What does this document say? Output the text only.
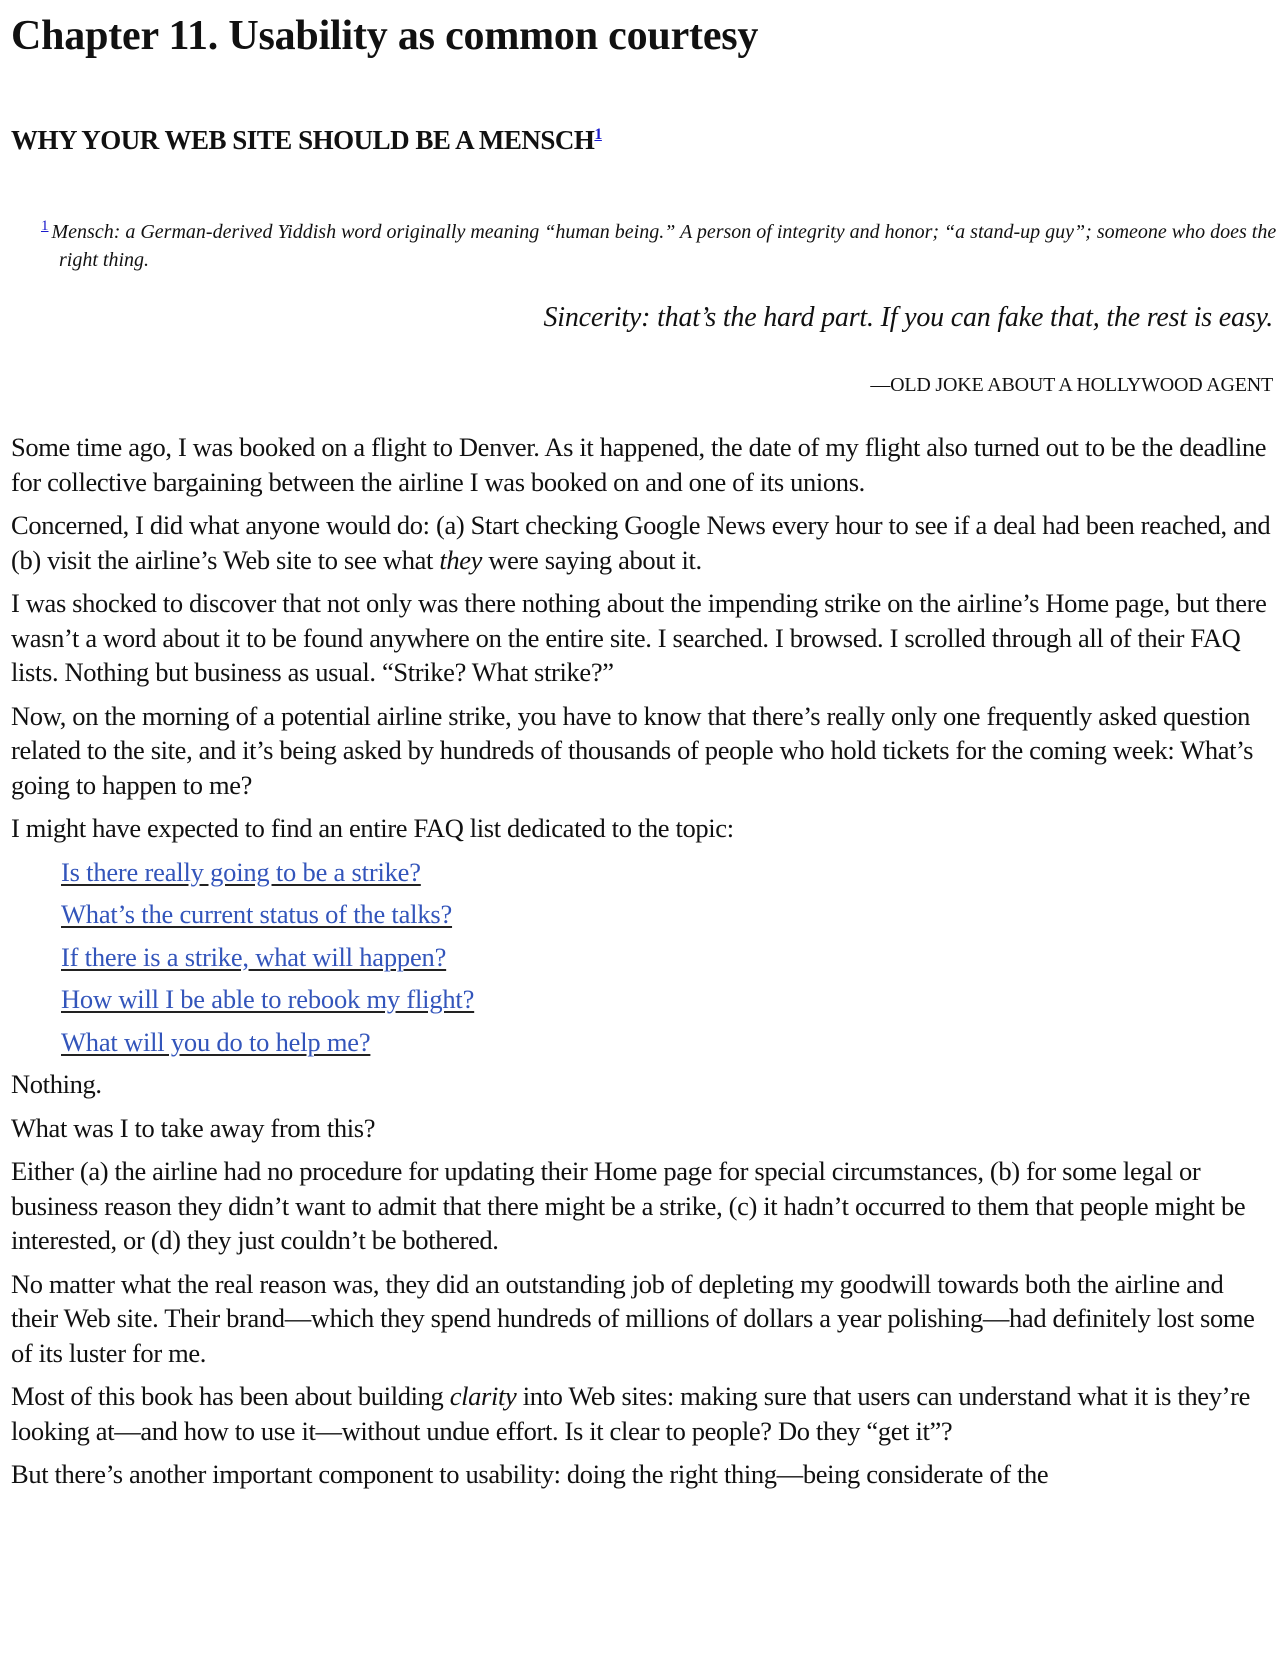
Chapter 11. Usability as common courtesy
WHY YOUR WEB SITE SHOULD BE A MENSCH$^1$
$^1$ Mensch: a German-derived Yiddish word originally meaning “human being.” A person of integrity and honor; “a stand-up guy”; someone who does the right thing.
Sincerity: that’s the hard part. If you can fake that, the rest is easy.
—OLD JOKE ABOUT A HOLLYWOOD AGENT

Some time ago, I was booked on a flight to Denver. As it happened, the date of my flight also turned out to be the deadline for collective bargaining between the airline I was booked on and one of its unions.

Concerned, I did what anyone would do: (a) Start checking Google News every hour to see if a deal had been reached, and (b) visit the airline’s Web site to see what they were saying about it.

I was shocked to discover that not only was there nothing about the impending strike on the airline’s Home page, but there wasn’t a word about it to be found anywhere on the entire site. I searched. I browsed. I scrolled through all of their FAQ lists. Nothing but business as usual. “Strike? What strike?”

Now, on the morning of a potential airline strike, you have to know that there’s really only one frequently asked question related to the site, and it’s being asked by hundreds of thousands of people who hold tickets for the coming week: What’s going to happen to me?

I might have expected to find an entire FAQ list dedicated to the topic:

Is there really going to be a strike?
What’s the current status of the talks?
If there is a strike, what will happen?
How will I be able to rebook my flight?
What will you do to help me?

Nothing.

What was I to take away from this?

Either (a) the airline had no procedure for updating their Home page for special circumstances, (b) for some legal or business reason they didn’t want to admit that there might be a strike, (c) it hadn’t occurred to them that people might be interested, or (d) they just couldn’t be bothered.

No matter what the real reason was, they did an outstanding job of depleting my goodwill towards both the airline and their Web site. Their brand—which they spend hundreds of millions of dollars a year polishing—had definitely lost some of its luster for me.

Most of this book has been about building clarity into Web sites: making sure that users can understand what it is they’re looking at—and how to use it—without undue effort. Is it clear to people? Do they “get it”?

But there’s another important component to usability: doing the right thing—being considerate of the
